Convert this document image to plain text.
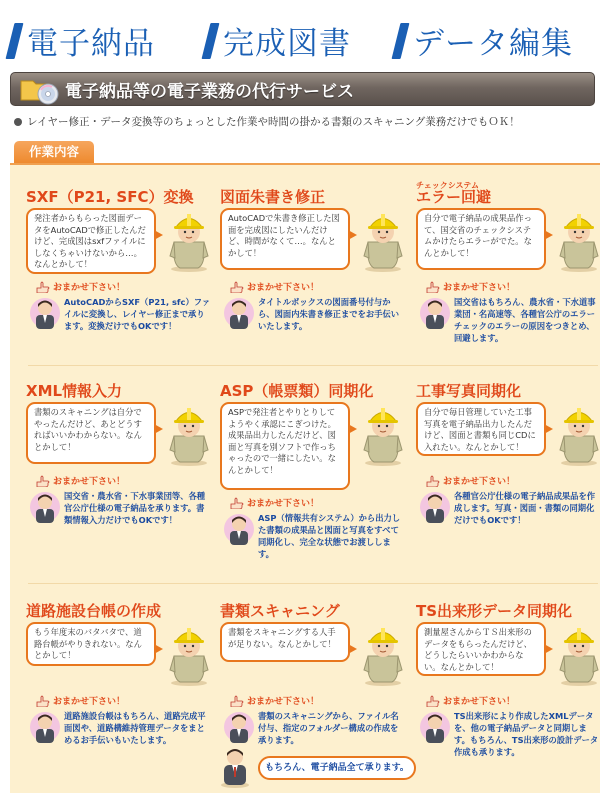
電子納品 完成図書 データ編集
電子納品等の電子業務の代行サービス
レイヤー修正・データ変換等のちょっとした作業や時間の掛かる書類のスキャニング業務だけでもＯＫ！
作業内容
SXF（P21, SFC）変換
発注者からもらった図面データをAutoCADで修正したんだけど、完成図はsxfファイルにしなくちゃいけないから…。なんとかして！
おまかせ下さい！
AutoCADからSXF（P21, sfc）ファイルに変換し、レイヤー修正まで承ります。変換だけでもOKです！
図面朱書き修正
AutoCADで朱書き修正した図面を完成図にしたいんだけど、時間がなくて…。なんとかして！
おまかせ下さい！
タイトルボックスの図面番号付与から、図面内朱書き修正までをお手伝いいたします。
チェックシステム
エラー回避
自分で電子納品の成果品作って、国交省のチェックシステムかけたらエラーがでた。なんとかして！
おまかせ下さい！
国交省はもちろん、農水省・下水道事業団・名高速等、各種官公庁のエラーチェックのエラーの原因をつきとめ、回避します。
XML情報入力
書類のスキャニングは自分でやったんだけど、あとどうすればいいかわからない。なんとかして！
おまかせ下さい！
国交省・農水省・下水事業団等、各種官公庁仕様の電子納品を承ります。書類情報入力だけでもOKです！
ASP（帳票類）同期化
ASPで発注者とやりとりしてようやく承認にこぎつけた。成果品出力したんだけど、図面と写真を別ソフトで作っちゃったので一緒にしたい。なんとかして！
おまかせ下さい！
ASP（情報共有システム）から出力した書類の成果品と図面と写真をすべて同期化し、完全な状態でお渡しします。
工事写真同期化
自分で毎日管理していた工事写真を電子納品出力したんだけど、図面と書類も同じCDに入れたい。なんとかして！
おまかせ下さい！
各種官公庁仕様の電子納品成果品を作成します。写真・図面・書類の同期化だけでもOKです！
道路施設台帳の作成
もう年度末のバタバタで、道路台帳がやりきれない。なんとかして！
おまかせ下さい！
道路施設台帳はもちろん、道路完成平面図や、道路構維持管理データをまとめるお手伝いもいたします。
書類スキャニング
書類をスキャニングする人手が足りない。なんとかして！
おまかせ下さい！
書類のスキャニングから、ファイル名付与、指定のフォルダー構成の作成を承ります。
TS出来形データ同期化
測量屋さんからＴＳ出来形のデータをもらったんだけど、どうしたらいいかわからない。なんとかして！
おまかせ下さい！
TS出来形により作成したXMLデータを、他の電子納品データと同期します。もちろん、TS出来形の設計データ作成も承ります。
もちろん、電子納品全て承ります。
